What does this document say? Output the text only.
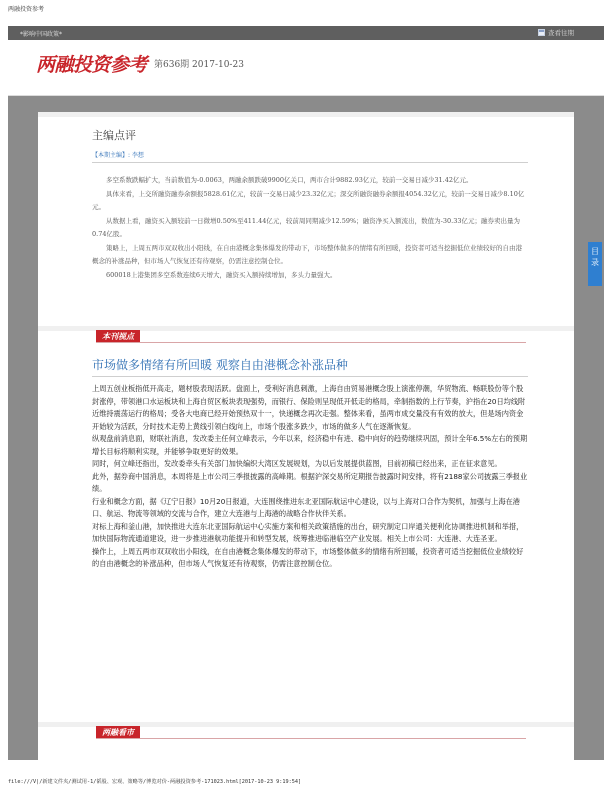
两融投资参考
*影响中国政策*	查看往期
两融投资参考 第636期 2017-10-23
主编点评
【本期主编】: 李想

多空系数跌幅扩大，当前数值为-0.0063，两融余额跌破9900亿关口，两市合计9882.93亿元，较前一交易日减少31.42亿元。

具体来看，上交所融资融券余额报5828.61亿元，较前一交易日减少23.32亿元；深交所融资融券余额报4054.32亿元，较前一交易日减少8.10亿元。

从数据上看，融资买入额较前一日微增0.50%至411.44亿元，较前周同期减少12.59%；融资净买入额流出，数值为-30.33亿元；融券卖出量为0.74亿股。

策略上，上周五两市双双收出小阳线，在自由港概念集体爆发的带动下，市场整体做多的情绪有所回暖，投资者可适当挖掘低位业绩较好的自由港概念的补涨品种，但市场人气恢复还有待观察，仍需注意控制仓位。

600018上港集团多空系数连续6天增大，融资买入额持续增加，多头力量强大。

本刊视点
市场做多情绪有所回暖 观察自由港概念补涨品种

上周五创业板指低开高走，题材股表现活跃。盘面上，受利好消息刺激，上海自由贸易港概念股上演涨停潮，华贸物流、畅联股份等个股封涨停，带领港口水运板块和上海自贸区板块表现强势，而银行、保险则呈现低开低走的格局，牵制指数的上行节奏，沪指在20日均线附近维持震荡运行的格局；受各大电商已经开始预热双十一，快递概念再次走强。整体来看，虽两市成交量没有有效的放大，但是场内资金开始较为活跃，分时技术走势上黄线引领白线向上，市场个股涨多跌少，市场的做多人气在逐渐恢复。

纵观盘前消息面，财联社消息，发改委主任何立峰表示，今年以来，经济稳中有进、稳中向好的趋势继续巩固，预计全年6.5%左右的预期增长目标将顺利实现，并能够争取更好的效果。

同时，何立峰还指出，发改委牵头有关部门加快编织大湾区发展规划，为以后发展提供蓝图，目前初稿已经出来，正在征求意见。

此外，据券商中国消息，本周将是上市公司三季报披露的高峰期。根据沪深交易所定期报告披露时间安排，将有2188家公司披露三季报业绩。

行业和概念方面，据《辽宁日报》10月20日报道，大连围绕推进东北亚国际航运中心建设，以与上海对口合作为契机，加强与上海在港口、航运、物流等领域的交流与合作，建立大连港与上海港的战略合作伙伴关系。

对标上海和釜山港，加快推进大连东北亚国际航运中心实施方案和相关政策措施的出台，研究制定口岸通关便利化协调推进机制和举措，加快国际物流通道建设，进一步推进港航功能提升和转型发展，统筹推进临港临空产业发展。相关上市公司：大连港、大连圣亚。

操作上，上周五两市双双收出小阳线，在自由港概念集体爆发的带动下，市场整体做多的情绪有所回暖，投资者可适当挖掘低位业绩较好的自由港概念的补涨品种，但市场人气恢复还有待观察，仍需注意控制仓位。

两融看市
目录
file:///V|/新建文件夹/测试用-1/韬股、宏观、策略等/博览对价-两融投资参考-171023.html[2017-10-23 9:19:54]
